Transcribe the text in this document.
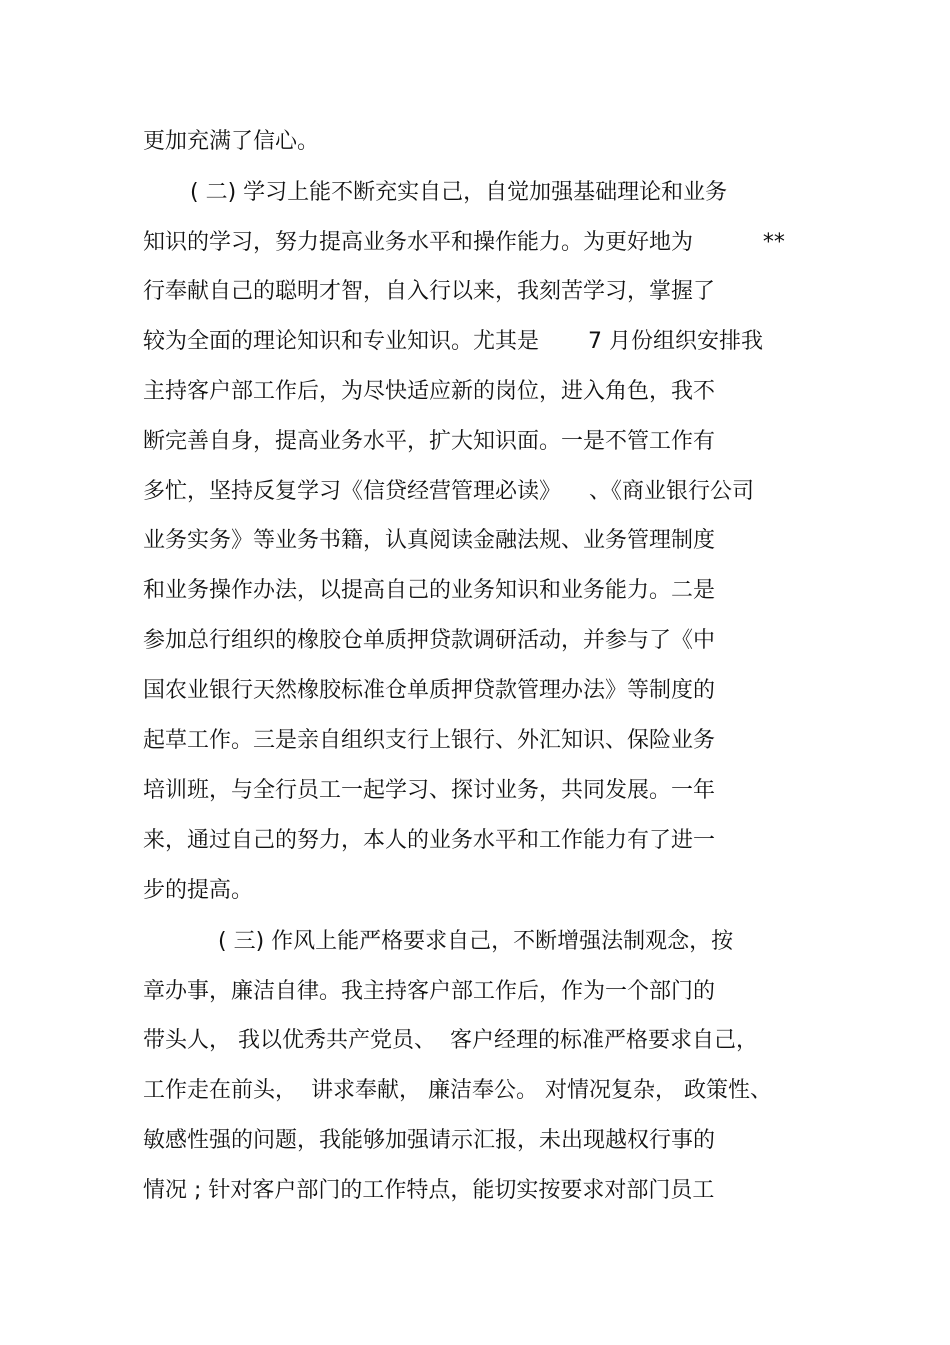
更加充满了信心。
( 二) 学习上能不断充实自己，自觉加强基础理论和业务
知识的学习，努力提高业务水平和操作能力。为更好地为          **
行奉献自己的聪明才智，自入行以来，我刻苦学习，掌握了
较为全面的理论知识和专业知识。尤其是       7 月份组织安排我
主持客户部工作后，为尽快适应新的岗位，进入角色，我不
断完善自身，提高业务水平，扩大知识面。一是不管工作有
多忙，坚持反复学习《信贷经营管理必读》    、《商业银行公司
业务实务》等业务书籍，认真阅读金融法规、业务管理制度
和业务操作办法，以提高自己的业务知识和业务能力。二是
参加总行组织的橡胶仓单质押贷款调研活动，并参与了《中
国农业银行天然橡胶标准仓单质押贷款管理办法》等制度的
起草工作。三是亲自组织支行上银行、外汇知识、保险业务
培训班，与全行员工一起学习、探讨业务，共同发展。一年
来，通过自己的努力，本人的业务水平和工作能力有了进一
步的提高。
( 三) 作风上能严格要求自己，不断增强法制观念，按
章办事，廉洁自律。我主持客户部工作后，作为一个部门的
带头人， 我以优秀共产党员、  客户经理的标准严格要求自己，
工作走在前头，  讲求奉献， 廉洁奉公。 对情况复杂， 政策性、
敏感性强的问题，我能够加强请示汇报，未出现越权行事的
情况 ; 针对客户部门的工作特点，能切实按要求对部门员工
